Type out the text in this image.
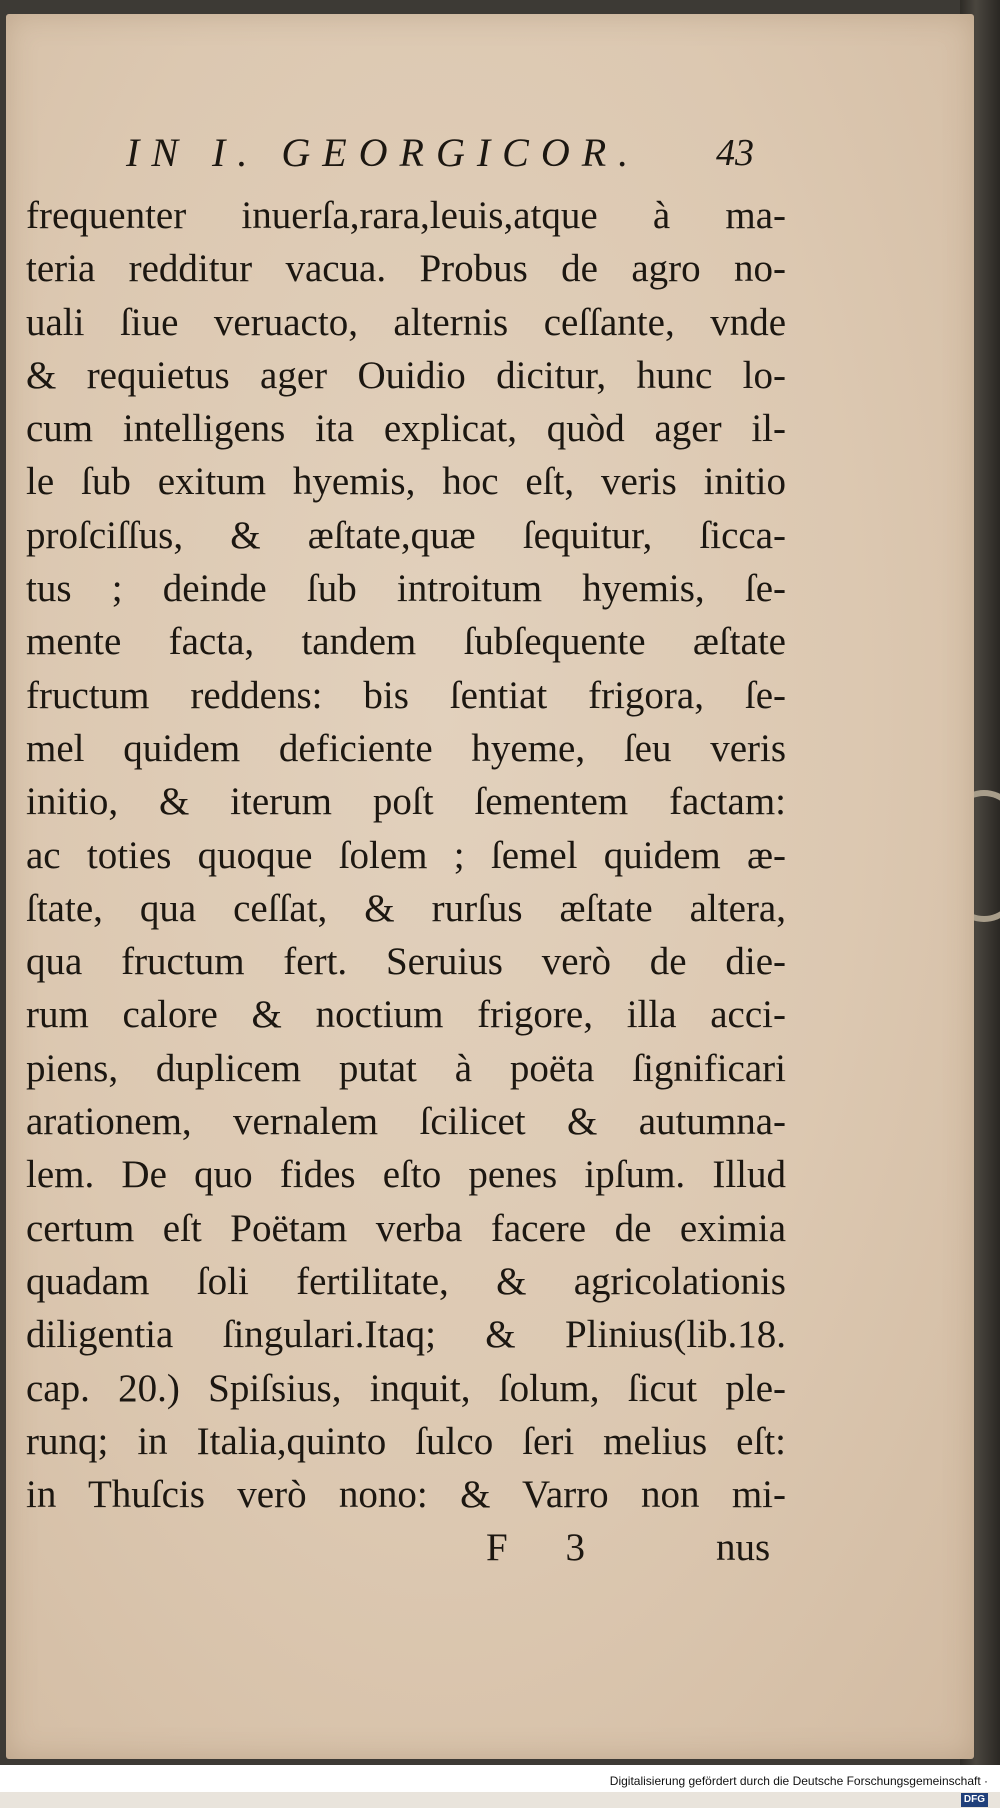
IN I. GEORGICOR. 43
frequenter inuerſa,rara,leuis,atque à ma-
teria redditur vacua. Probus de agro no-
uali ſiue veruacto, alternis ceſſante, vnde
& requietus ager Ouidio dicitur, hunc lo-
cum intelligens ita explicat, quòd ager il-
le ſub exitum hyemis, hoc eſt, veris initio
proſciſſus, & æſtate,quæ ſequitur, ſicca-
tus ; deinde ſub introitum hyemis, ſe-
mente facta, tandem ſubſequente æſtate
fructum reddens: bis ſentiat frigora, ſe-
mel quidem deficiente hyeme, ſeu veris
initio, & iterum poſt ſementem factam:
ac toties quoque ſolem ; ſemel quidem æ-
ſtate, qua ceſſat, & rurſus æſtate altera,
qua fructum fert. Seruius verò de die-
rum calore & noctium frigore, illa acci-
piens, duplicem putat à poëta ſignificari
arationem, vernalem ſcilicet & autumna-
lem. De quo fides eſto penes ipſum. Illud
certum eſt Poëtam verba facere de eximia
quadam ſoli fertilitate, & agricolationis
diligentia ſingulari.Itaq; & Plinius(lib.18.
cap. 20.) Spiſsius, inquit, ſolum, ſicut ple-
runq; in Italia,quinto ſulco ſeri melius eſt:
in Thuſcis verò nono: & Varro non mi-
F 3	nus
Digitalisierung gefördert durch die Deutsche Forschungsgemeinschaft · DFG
